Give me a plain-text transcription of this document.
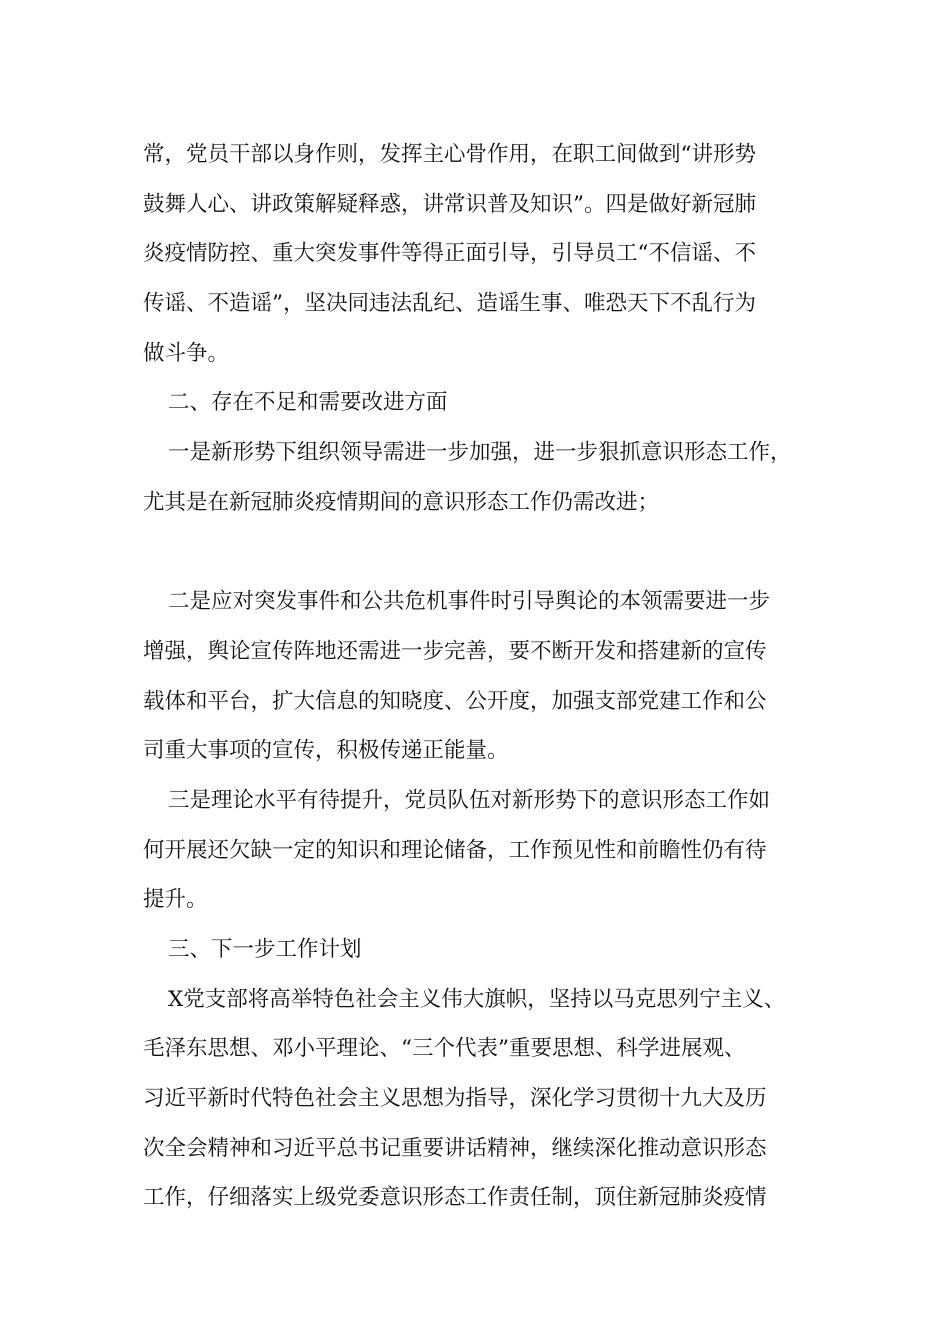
常，党员干部以身作则，发挥主心骨作用，在职工间做到“讲形势
鼓舞人心、讲政策解疑释惑，讲常识普及知识”。四是做好新冠肺
炎疫情防控、重大突发事件等得正面引导，引导员工“不信谣、不
传谣、不造谣”，坚决同违法乱纪、造谣生事、唯恐天下不乱行为
做斗争。
二、存在不足和需要改进方面
一是新形势下组织领导需进一步加强，进一步狠抓意识形态工作，
尤其是在新冠肺炎疫情期间的意识形态工作仍需改进；
二是应对突发事件和公共危机事件时引导舆论的本领需要进一步
增强，舆论宣传阵地还需进一步完善，要不断开发和搭建新的宣传
载体和平台，扩大信息的知晓度、公开度，加强支部党建工作和公
司重大事项的宣传，积极传递正能量。
三是理论水平有待提升，党员队伍对新形势下的意识形态工作如
何开展还欠缺一定的知识和理论储备，工作预见性和前瞻性仍有待
提升。
三、下一步工作计划
X党支部将高举特色社会主义伟大旗帜，坚持以马克思列宁主义、
毛泽东思想、邓小平理论、“三个代表”重要思想、科学进展观、
习近平新时代特色社会主义思想为指导，深化学习贯彻十九大及历
次全会精神和习近平总书记重要讲话精神，继续深化推动意识形态
工作，仔细落实上级党委意识形态工作责任制，顶住新冠肺炎疫情
